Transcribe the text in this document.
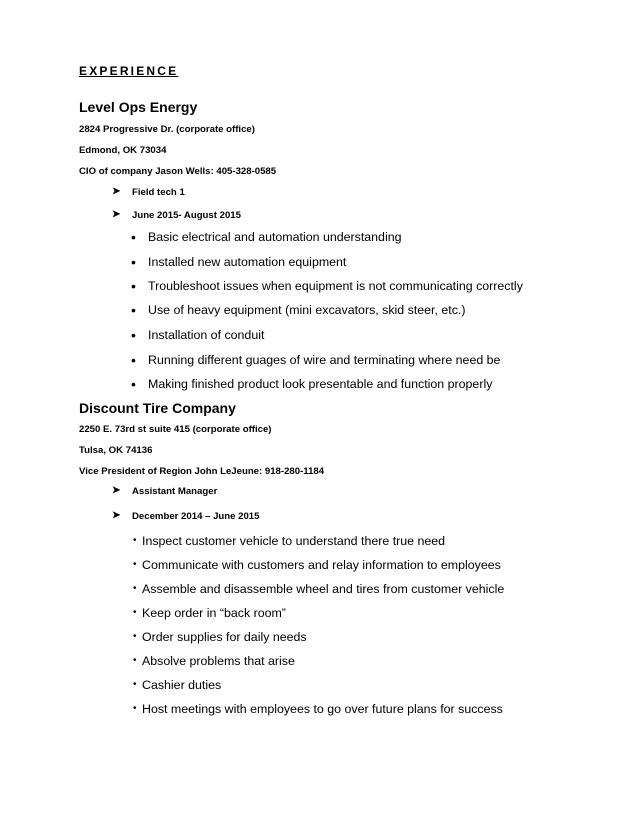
EXPERIENCE
Level Ops Energy
2824 Progressive Dr. (corporate office)
Edmond, OK 73034
CIO of company Jason Wells: 405-328-0585
➤ Field tech 1
➤ June 2015- August 2015
• Basic electrical and automation understanding
• Installed new automation equipment
• Troubleshoot issues when equipment is not communicating correctly
• Use of heavy equipment (mini excavators, skid steer, etc.)
• Installation of conduit
• Running different guages of wire and terminating where need be
• Making finished product look presentable and function properly
Discount Tire Company
2250 E. 73rd st suite 415 (corporate office)
Tulsa, OK 74136
Vice President of Region John LeJeune: 918-280-1184
➤ Assistant Manager
➤ December 2014 – June 2015
• Inspect customer vehicle to understand there true need
• Communicate with customers and relay information to employees
• Assemble and disassemble wheel and tires from customer vehicle
• Keep order in “back room”
• Order supplies for daily needs
• Absolve problems that arise
• Cashier duties
• Host meetings with employees to go over future plans for success
